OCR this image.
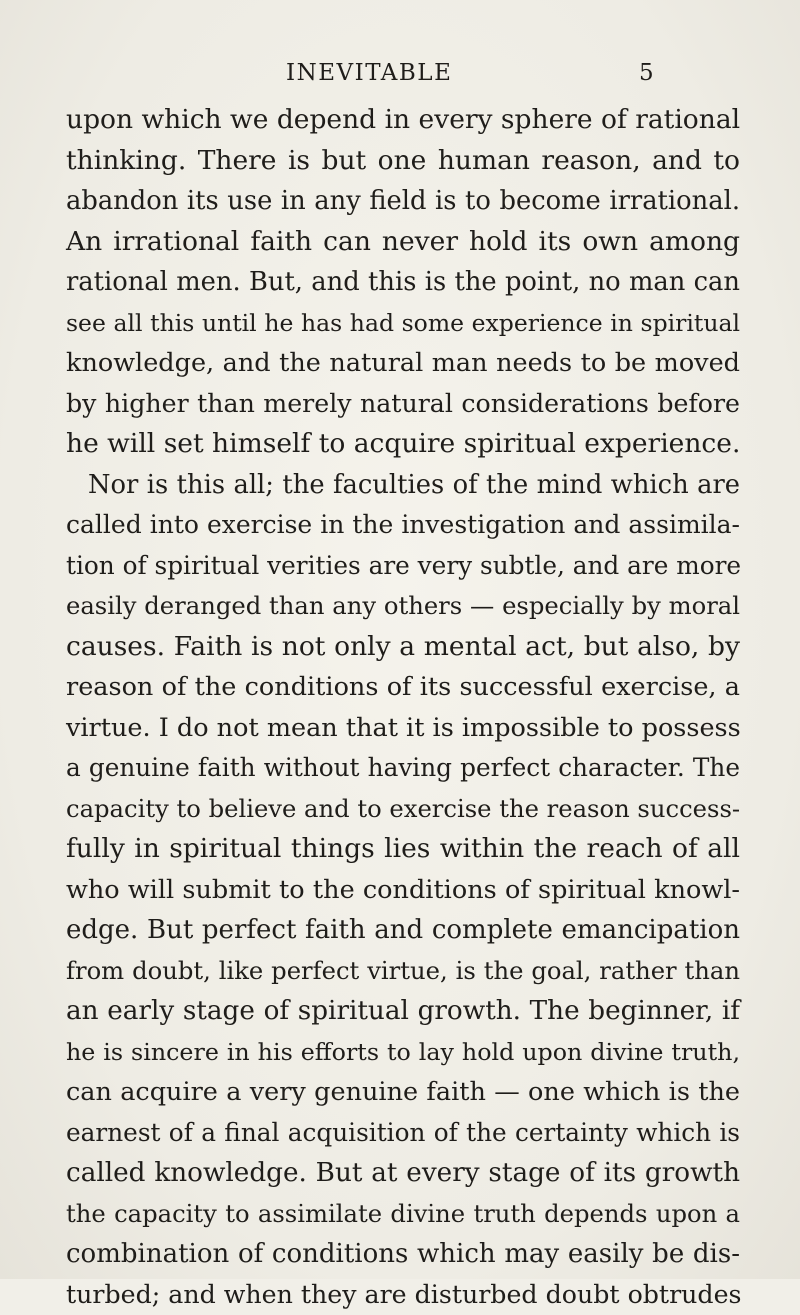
INEVITABLE	5
upon which we depend in every sphere of rational
thinking. There is but one human reason, and to
abandon its use in any field is to become irrational.
An irrational faith can never hold its own among
rational men. But, and this is the point, no man can
see all this until he has had some experience in spiritual
knowledge, and the natural man needs to be moved
by higher than merely natural considerations before
he will set himself to acquire spiritual experience.
Nor is this all; the faculties of the mind which are
called into exercise in the investigation and assimila-
tion of spiritual verities are very subtle, and are more
easily deranged than any others — especially by moral
causes. Faith is not only a mental act, but also, by
reason of the conditions of its successful exercise, a
virtue. I do not mean that it is impossible to possess
a genuine faith without having perfect character. The
capacity to believe and to exercise the reason success-
fully in spiritual things lies within the reach of all
who will submit to the conditions of spiritual knowl-
edge. But perfect faith and complete emancipation
from doubt, like perfect virtue, is the goal, rather than
an early stage of spiritual growth. The beginner, if
he is sincere in his efforts to lay hold upon divine truth,
can acquire a very genuine faith — one which is the
earnest of a final acquisition of the certainty which is
called knowledge. But at every stage of its growth
the capacity to assimilate divine truth depends upon a
combination of conditions which may easily be dis-
turbed; and when they are disturbed doubt obtrudes
